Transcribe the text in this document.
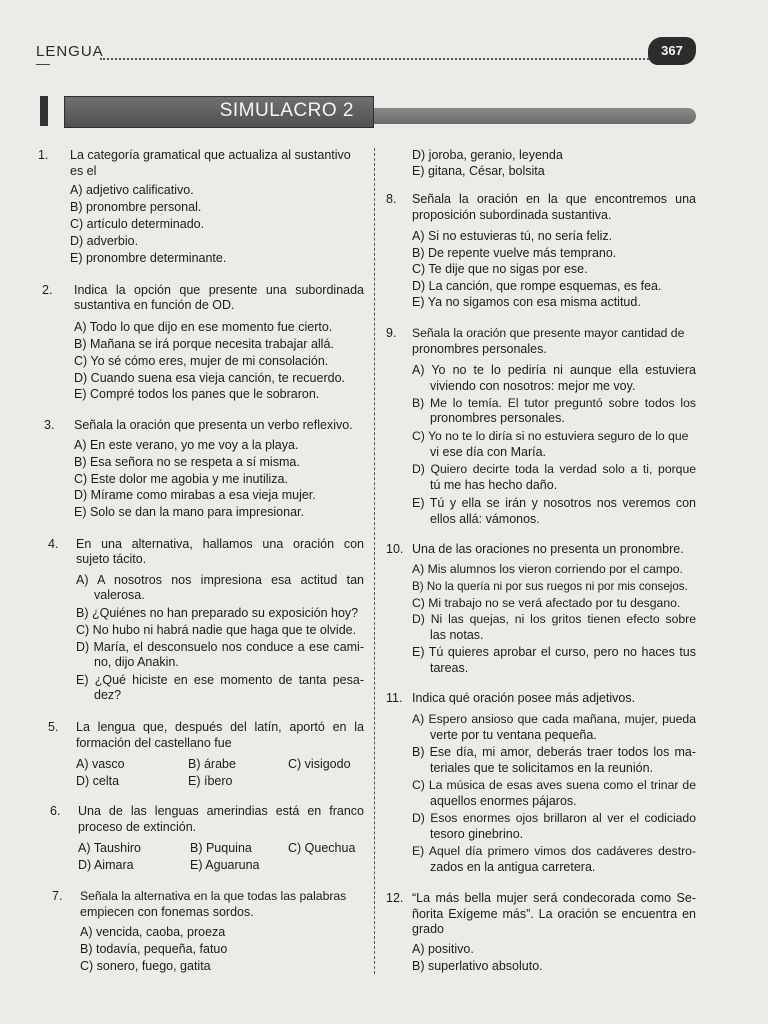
LENGUA	367
SIMULACRO 2
1. La categoría gramatical que actualiza al sustantivo
es el
A) adjetivo calificativo.
B) pronombre personal.
C) artículo determinado.
D) adverbio.
E) pronombre determinante.
2. Indica la opción que presente una subordinada
sustantiva en función de OD.
A) Todo lo que dijo en ese momento fue cierto.
B) Mañana se irá porque necesita trabajar allá.
C) Yo sé cómo eres, mujer de mi consolación.
D) Cuando suena esa vieja canción, te recuerdo.
E) Compré todos los panes que le sobraron.
3. Señala la oración que presenta un verbo reflexivo.
A) En este verano, yo me voy a la playa.
B) Esa señora no se respeta a sí misma.
C) Este dolor me agobia y me inutiliza.
D) Mírame como mirabas a esa vieja mujer.
E) Solo se dan la mano para impresionar.
4. En una alternativa, hallamos una oración con
sujeto tácito.
A) A nosotros nos impresiona esa actitud tan
valerosa.
B) ¿Quiénes no han preparado su exposición hoy?
C) No hubo ni habrá nadie que haga que te olvide.
D) María, el desconsuelo nos conduce a ese cami-
no, dijo Anakin.
E) ¿Qué hiciste en ese momento de tanta pesa-
dez?
5. La lengua que, después del latín, aportó en la
formación del castellano fue
A) vasco	B) árabe	C) visigodo
D) celta	E) íbero
6. Una de las lenguas amerindias está en franco
proceso de extinción.
A) Taushiro	B) Puquina	C) Quechua
D) Aimara	E) Aguaruna
7. Señala la alternativa en la que todas las palabras
empiecen con fonemas sordos.
A) vencida, caoba, proeza
B) todavía, pequeña, fatuo
C) sonero, fuego, gatita
D) joroba, geranio, leyenda
E) gitana, César, bolsita
8. Señala la oración en la que encontremos una
proposición subordinada sustantiva.
A) Si no estuvieras tú, no sería feliz.
B) De repente vuelve más temprano.
C) Te dije que no sigas por ese.
D) La canción, que rompe esquemas, es fea.
E) Ya no sigamos con esa misma actitud.
9. Señala la oración que presente mayor cantidad de
pronombres personales.
A) Yo no te lo pediría ni aunque ella estuviera
viviendo con nosotros: mejor me voy.
B) Me lo temía. El tutor preguntó sobre todos los
pronombres personales.
C) Yo no te lo diría si no estuviera seguro de lo que
vi ese día con María.
D) Quiero decirte toda la verdad solo a ti, porque
tú me has hecho daño.
E) Tú y ella se irán y nosotros nos veremos con
ellos allá: vámonos.
10. Una de las oraciones no presenta un pronombre.
A) Mis alumnos los vieron corriendo por el campo.
B) No la quería ni por sus ruegos ni por mis consejos.
C) Mi trabajo no se verá afectado por tu desgano.
D) Ni las quejas, ni los gritos tienen efecto sobre
las notas.
E) Tú quieres aprobar el curso, pero no haces tus
tareas.
11. Indica qué oración posee más adjetivos.
A) Espero ansioso que cada mañana, mujer, pueda
verte por tu ventana pequeña.
B) Ese día, mi amor, deberás traer todos los ma-
teriales que te solicitamos en la reunión.
C) La música de esas aves suena como el trinar de
aquellos enormes pájaros.
D) Esos enormes ojos brillaron al ver el codiciado
tesoro ginebrino.
E) Aquel día primero vimos dos cadáveres destro-
zados en la antigua carretera.
12. “La más bella mujer será condecorada como Se-
ñorita Exígeme más”. La oración se encuentra en
grado
A) positivo.
B) superlativo absoluto.
